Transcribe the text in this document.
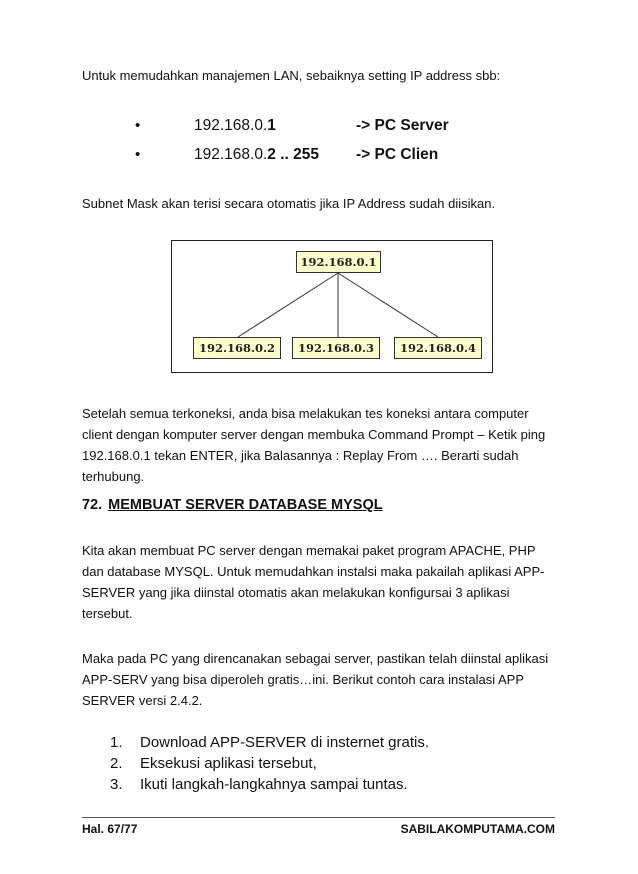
Untuk memudahkan manajemen LAN, sebaiknya setting IP address sbb:
•	192.168.0.1	-> PC Server
•	192.168.0.2 .. 255 -> PC Clien
Subnet Mask akan terisi secara otomatis jika IP Address sudah diisikan.
192.168.0.1
192.168.0.2	192.168.0.3	192.168.0.4
Setelah semua terkoneksi, anda bisa melakukan tes koneksi antara computer client dengan komputer server dengan membuka Command Prompt – Ketik ping 192.168.0.1 tekan ENTER, jika Balasannya : Replay From …. Berarti sudah terhubung.
72. MEMBUAT SERVER DATABASE MYSQL
Kita akan membuat PC server dengan memakai paket program APACHE, PHP dan database MYSQL. Untuk memudahkan instalsi maka pakailah aplikasi APP-SERVER yang jika diinstal otomatis akan melakukan konfigursai 3 aplikasi tersebut.
Maka pada PC yang direncanakan sebagai server, pastikan telah diinstal aplikasi APP-SERV yang bisa diperoleh gratis…ini. Berikut contoh cara instalasi APP SERVER versi 2.4.2.
1. Download APP-SERVER di insternet gratis.
2. Eksekusi aplikasi tersebut,
3. Ikuti langkah-langkahnya sampai tuntas.
Hal. 67/77	SABILAKOMPUTAMA.COM
